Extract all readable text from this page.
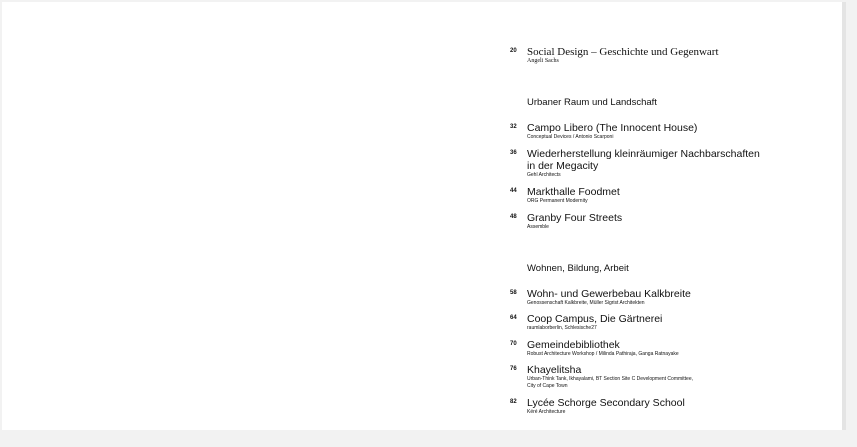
20 Social Design – Geschichte und Gegenwart
Angeli Sachs
Urbaner Raum und Landschaft
32 Campo Libero (The Innocent House)
Conceptual Devices / Antonio Scarponi
36 Wiederherstellung kleinräumiger Nachbarschaften
in der Megacity
Gehl Architects
44 Markthalle Foodmet
ORG Permanent Modernity
48 Granby Four Streets
Assemble
Wohnen, Bildung, Arbeit
58 Wohn- und Gewerbebau Kalkbreite
Genossenschaft Kalkbreite, Müller Sigrist Architekten
64 Coop Campus, Die Gärtnerei
raumlaborberlin, Schlesische27
70 Gemeindebibliothek
Robust Architecture Workshop / Milinda Pathiraja, Ganga Ratnayake
76 Khayelitsha
Urban-Think Tank, Ikhayalami, BT Section Site C Development Committee,
City of Cape Town
82 Lycée Schorge Secondary School
Kéré Architecture
